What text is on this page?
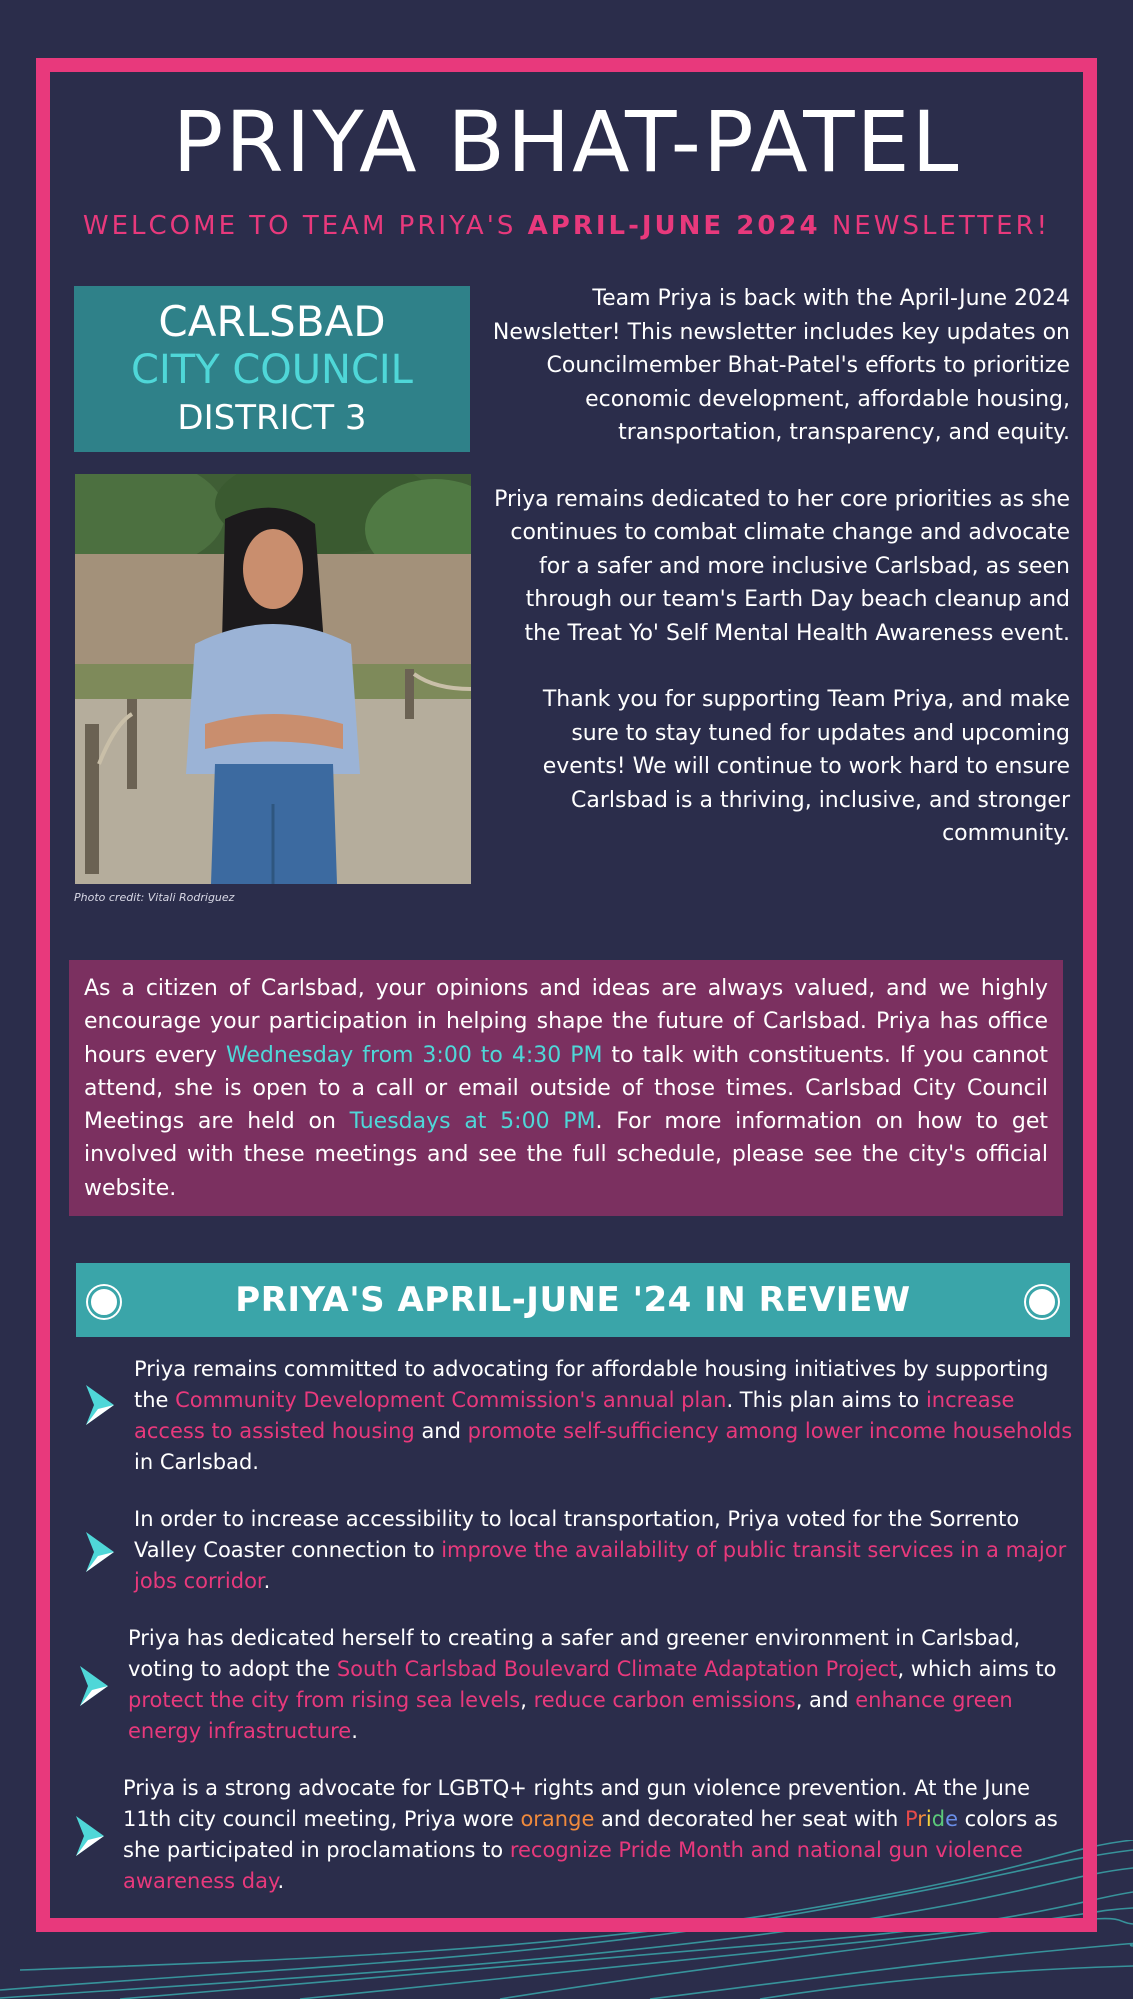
PRIYA BHAT-PATEL
WELCOME TO TEAM PRIYA'S APRIL-JUNE 2024 NEWSLETTER!
CARLSBAD
CITY COUNCIL
DISTRICT 3
Photo credit: Vitali Rodriguez

Team Priya is back with the April-June 2024 Newsletter! This newsletter includes key updates on Councilmember Bhat-Patel's efforts to prioritize economic development, affordable housing, transportation, transparency, and equity.

Priya remains dedicated to her core priorities as she continues to combat climate change and advocate for a safer and more inclusive Carlsbad, as seen through our team's Earth Day beach cleanup and the Treat Yo' Self Mental Health Awareness event.

Thank you for supporting Team Priya, and make sure to stay tuned for updates and upcoming events! We will continue to work hard to ensure Carlsbad is a thriving, inclusive, and stronger community.

As a citizen of Carlsbad, your opinions and ideas are always valued, and we highly encourage your participation in helping shape the future of Carlsbad. Priya has office hours every Wednesday from 3:00 to 4:30 PM to talk with constituents. If you cannot attend, she is open to a call or email outside of those times. Carlsbad City Council Meetings are held on Tuesdays at 5:00 PM. For more information on how to get involved with these meetings and see the full schedule, please see the city's official website.
PRIYA'S APRIL-JUNE '24 IN REVIEW
Priya remains committed to advocating for affordable housing initiatives by supporting the Community Development Commission's annual plan. This plan aims to increase access to assisted housing and promote self-sufficiency among lower income households in Carlsbad.
In order to increase accessibility to local transportation, Priya voted for the Sorrento Valley Coaster connection to improve the availability of public transit services in a major jobs corridor.
Priya has dedicated herself to creating a safer and greener environment in Carlsbad, voting to adopt the South Carlsbad Boulevard Climate Adaptation Project, which aims to protect the city from rising sea levels, reduce carbon emissions, and enhance green energy infrastructure.
Priya is a strong advocate for LGBTQ+ rights and gun violence prevention. At the June 11th city council meeting, Priya wore orange and decorated her seat with Pride colors as she participated in proclamations to recognize Pride Month and national gun violence awareness day.
